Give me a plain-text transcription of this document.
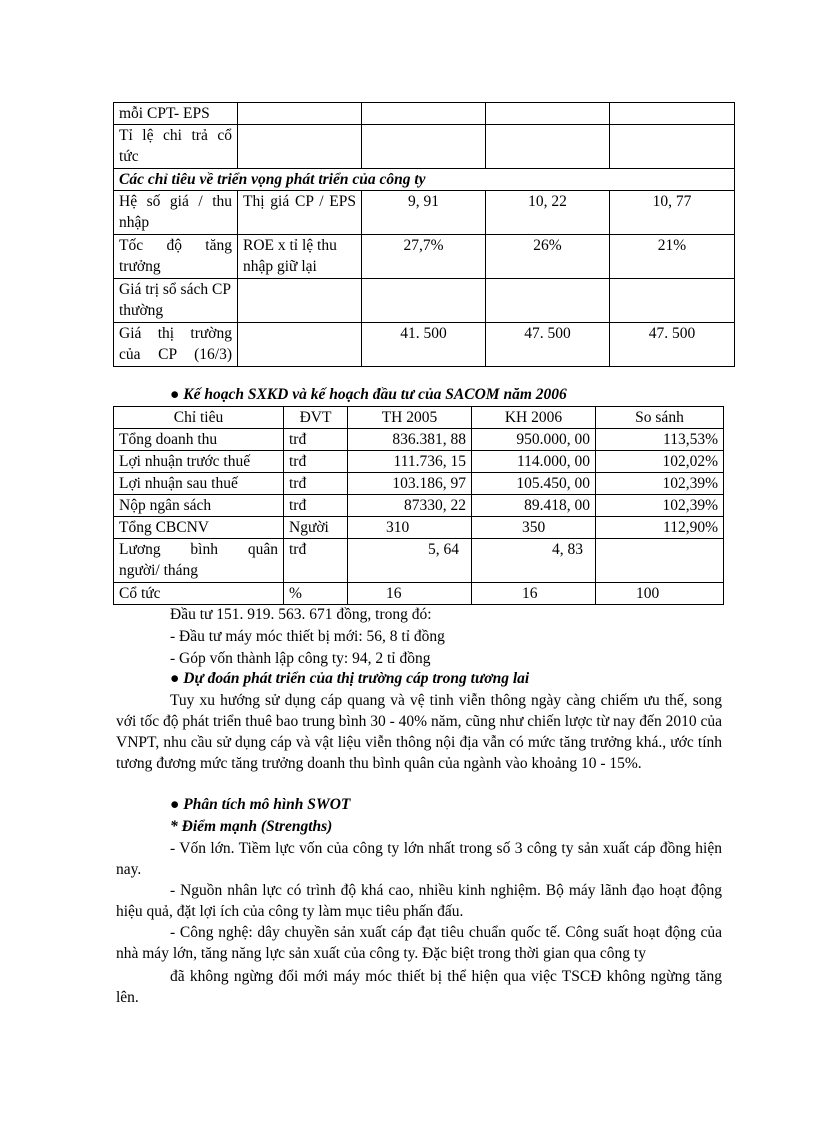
mỗi CPT- EPS				
Tỉ lệ chi trả cổ tức				
Các chỉ tiêu về triển vọng phát triển của công ty				
Hệ số giá / thu nhập	Thị giá CP / EPS	9, 91	10, 22	10, 77
Tốc độ tăng trưởng	ROE x tỉ lệ thu nhập giữ lại	27,7%	26%	21%
Giá trị sổ sách CP thường				
Giá thị trường của CP (16/3)		41. 500	47. 500	47. 500
● Kế hoạch SXKD và kế hoạch đầu tư của SACOM năm 2006
Chỉ tiêu	ĐVT	TH 2005	KH 2006	So sánh
Tổng doanh thu	trđ	836.381, 88	950.000, 00	113,53%
Lợi nhuận trước thuế	trđ	111.736, 15	114.000, 00	102,02%
Lợi nhuận sau thuế	trđ	103.186, 97	105.450, 00	102,39%
Nộp ngân sách	trđ	87330, 22	89.418, 00	102,39%
Tổng CBCNV	Người	310	350	112,90%

Lương bình quân
người/ tháng	trđ	5, 64	4, 83	
Cổ tức	%	16	16	100
Đầu tư 151. 919. 563. 671 đồng, trong đó:
- Đầu tư máy móc thiết bị mới: 56, 8 tỉ đồng
- Góp vốn thành lập công ty: 94, 2 tỉ đồng
● Dự đoán phát triển của thị trường cáp trong tương lai
Tuy xu hướng sử dụng cáp quang và vệ tinh viễn thông ngày càng chiếm ưu thế, song với tốc độ phát triển thuê bao trung bình 30 - 40% năm, cũng như chiến lược từ nay đến 2010 của VNPT, nhu cầu sử dụng cáp và vật liệu viễn thông nội địa vẫn có mức tăng trưởng khá., ước tính tương đương mức tăng trưởng doanh thu bình quân của ngành vào khoảng 10 - 15%.
● Phân tích mô hình SWOT
* Điểm mạnh (Strengths)
- Vốn lớn. Tiềm lực vốn của công ty lớn nhất trong số 3 công ty sản xuất cáp đồng hiện nay.
- Nguồn nhân lực có trình độ khá cao, nhiều kinh nghiệm. Bộ máy lãnh đạo hoạt động hiệu quả, đặt lợi ích của công ty làm mục tiêu phấn đấu.
- Công nghệ: dây chuyền sản xuất cáp đạt tiêu chuẩn quốc tế. Công suất hoạt động của nhà máy lớn, tăng năng lực sản xuất của công ty. Đặc biệt trong thời gian qua công ty
đã không ngừng đổi mới máy móc thiết bị thể hiện qua việc TSCĐ không ngừng tăng lên.
